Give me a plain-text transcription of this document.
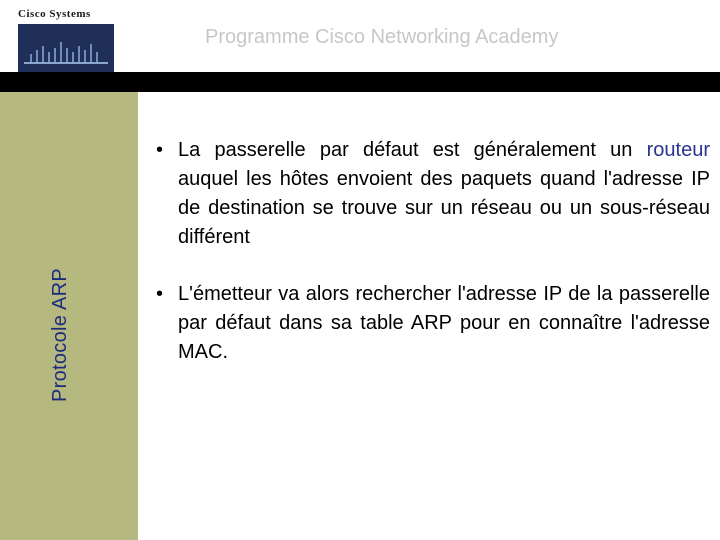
Cisco Systems
Programme Cisco Networking Academy
Protocole ARP
• La passerelle par défaut est généralement un routeur auquel les hôtes envoient des paquets quand l'adresse IP de destination se trouve sur un réseau ou un sous-réseau différent
• L'émetteur va alors rechercher l'adresse IP de la passerelle par défaut dans sa table ARP pour en connaître l'adresse MAC.
